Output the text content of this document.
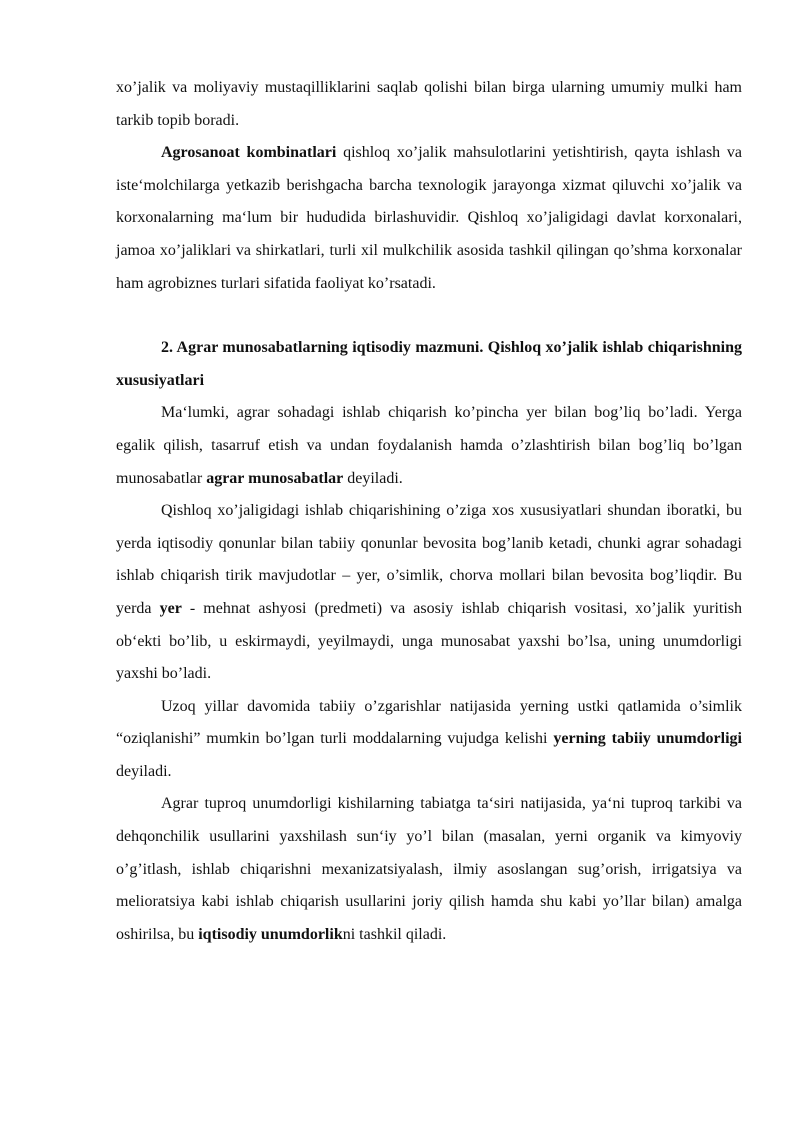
xo’jalik va moliyaviy mustaqilliklarini saqlab qolishi bilan birga ularning umumiy mulki ham tarkib topib boradi.

Agrosanoat kombinatlari qishloq xo’jalik mahsulotlarini yetishtirish, qayta ishlash va iste‘molchilarga yetkazib berishgacha barcha texnologik jarayonga xizmat qiluvchi xo’jalik va korxonalarning ma‘lum bir hududida birlashuvidir. Qishloq xo’jaligidagi davlat korxonalari, jamoa xo’jaliklari va shirkatlari, turli xil mulkchilik asosida tashkil qilingan qo’shma korxonalar ham agrobiznes turlari sifatida faoliyat ko’rsatadi.

2. Agrar munosabatlarning iqtisodiy mazmuni. Qishloq xo’jalik ishlab chiqarishning xususiyatlari

Ma‘lumki, agrar sohadagi ishlab chiqarish ko’pincha yer bilan bog’liq bo’ladi. Yerga egalik qilish, tasarruf etish va undan foydalanish hamda o’zlashtirish bilan bog’liq bo’lgan munosabatlar agrar munosabatlar deyiladi.

Qishloq xo’jaligidagi ishlab chiqarishining o’ziga xos xususiyatlari shundan iboratki, bu yerda iqtisodiy qonunlar bilan tabiiy qonunlar bevosita bog’lanib ketadi, chunki agrar sohadagi ishlab chiqarish tirik mavjudotlar – yer, o’simlik, chorva mollari bilan bevosita bog’liqdir. Bu yerda yer - mehnat ashyosi (predmeti) va asosiy ishlab chiqarish vositasi, xo’jalik yuritish ob‘ekti bo’lib, u eskirmaydi, yeyilmaydi, unga munosabat yaxshi bo’lsa, uning unumdorligi yaxshi bo’ladi.

Uzoq yillar davomida tabiiy o’zgarishlar natijasida yerning ustki qatlamida o’simlik “oziqlanishi” mumkin bo’lgan turli moddalarning vujudga kelishi yerning tabiiy unumdorligi deyiladi.

Agrar tuproq unumdorligi kishilarning tabiatga ta‘siri natijasida, ya‘ni tuproq tarkibi va dehqonchilik usullarini yaxshilash sun‘iy yo’l bilan (masalan, yerni organik va kimyoviy o’g’itlash, ishlab chiqarishni mexanizatsiyalash, ilmiy asoslangan sug’orish, irrigatsiya va melioratsiya kabi ishlab chiqarish usullarini joriy qilish hamda shu kabi yo’llar bilan) amalga oshirilsa, bu iqtisodiy unumdorlikni tashkil qiladi.
